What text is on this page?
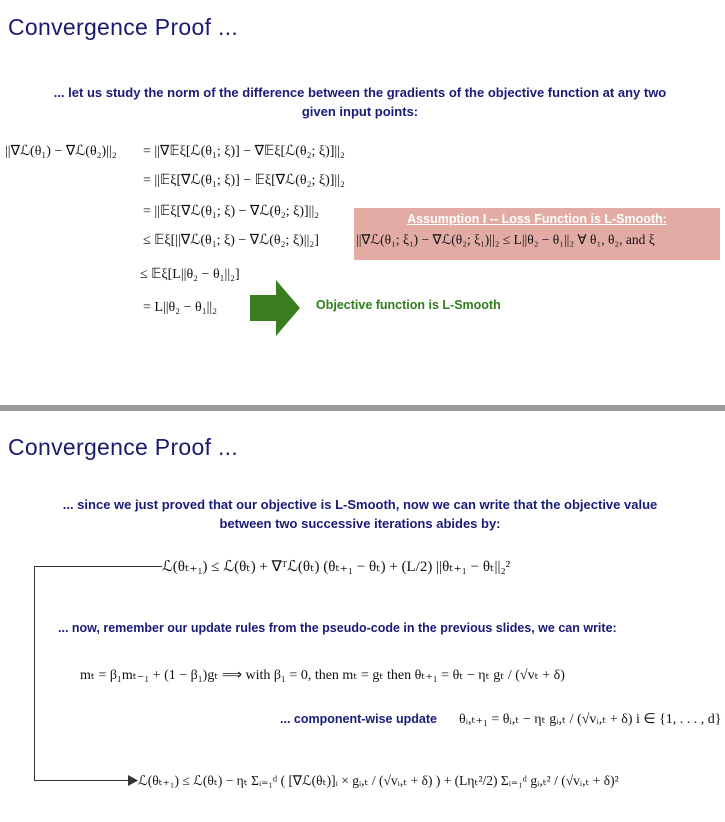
Convergence Proof ...
... let us study the norm of the difference between the gradients of the objective function at any two
given input points:
||∇ℒ(θ₁) − ∇ℒ(θ₂)||₂ = ||∇𝔼ξ[ℒ(θ₁; ξ)] − ∇𝔼ξ[ℒ(θ₂; ξ)]||₂
= ||𝔼ξ[∇ℒ(θ₁; ξ)] − 𝔼ξ[∇ℒ(θ₂; ξ)]||₂
= ||𝔼ξ[∇ℒ(θ₁; ξ) − ∇ℒ(θ₂; ξ)]||₂
≤ 𝔼ξ[||∇ℒ(θ₁; ξ) − ∇ℒ(θ₂; ξ)||₂]
≤ 𝔼ξ[L||θ₂ − θ₁||₂]
= L||θ₂ − θ₁||₂
Assumption I -- Loss Function is L-Smooth:
||∇ℒ(θ₁; ξ₁) − ∇ℒ(θ₂; ξ₁)||₂ ≤ L||θ₂ − θ₁||₂ ∀ θ₁, θ₂, and ξ
Objective function is L-Smooth
Convergence Proof ...
... since we just proved that our objective is L-Smooth, now we can write that the objective value
between two successive iterations abides by:
ℒ(θₜ₊₁) ≤ ℒ(θₜ) + ∇ᵀℒ(θₜ) (θₜ₊₁ − θₜ) + (L/2) ||θₜ₊₁ − θₜ||₂²
... now, remember our update rules from the pseudo-code in the previous slides, we can write:
mₜ = β₁mₜ₋₁ + (1 − β₁)gₜ ⟹ with β₁ = 0, then mₜ = gₜ then θₜ₊₁ = θₜ − ηₜ gₜ / (√vₜ + δ)
... component-wise update θᵢ,ₜ₊₁ = θᵢ,ₜ − ηₜ gᵢ,ₜ / (√vᵢ,ₜ + δ) i ∈ {1, . . . , d}
ℒ(θₜ₊₁) ≤ ℒ(θₜ) − ηₜ Σᵢ₌₁ᵈ ( [∇ℒ(θₜ)]ᵢ × gᵢ,ₜ / (√vᵢ,ₜ + δ) ) + (Lηₜ²/2) Σᵢ₌₁ᵈ gᵢ,ₜ² / (√vᵢ,ₜ + δ)²
